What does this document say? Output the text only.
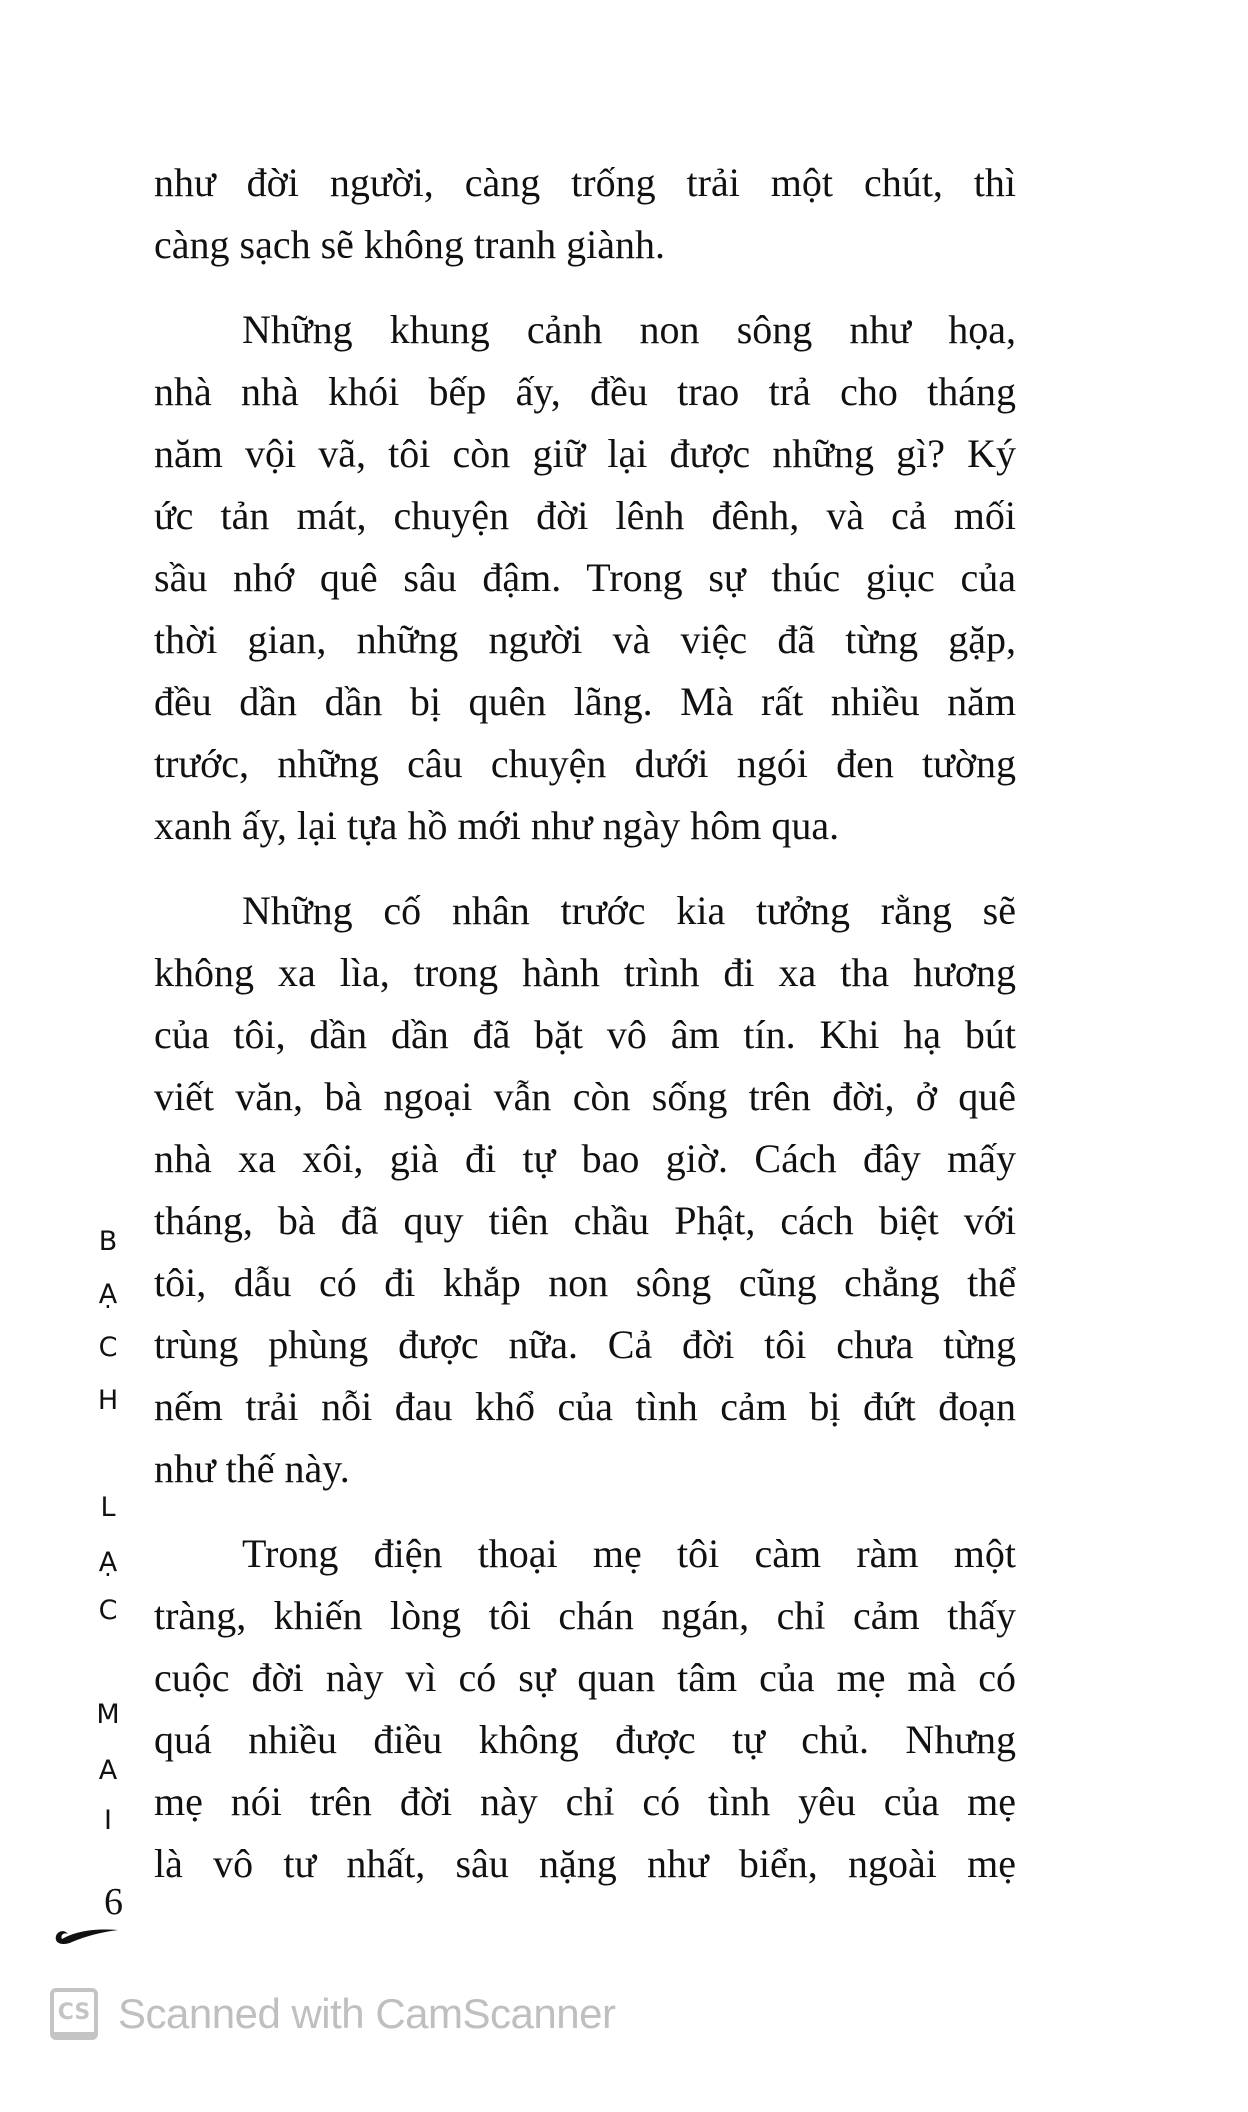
như đời người, càng trống trải một chút, thì
càng sạch sẽ không tranh giành.
Những khung cảnh non sông như họa,
nhà nhà khói bếp ấy, đều trao trả cho tháng
năm vội vã, tôi còn giữ lại được những gì? Ký
ức tản mát, chuyện đời lênh đênh, và cả mối
sầu nhớ quê sâu đậm. Trong sự thúc giục của
thời gian, những người và việc đã từng gặp,
đều dần dần bị quên lãng. Mà rất nhiều năm
trước, những câu chuyện dưới ngói đen tường
xanh ấy, lại tựa hồ mới như ngày hôm qua.
Những cố nhân trước kia tưởng rằng sẽ
không xa lìa, trong hành trình đi xa tha hương
của tôi, dần dần đã bặt vô âm tín. Khi hạ bút
viết văn, bà ngoại vẫn còn sống trên đời, ở quê
nhà xa xôi, già đi tự bao giờ. Cách đây mấy
tháng, bà đã quy tiên chầu Phật, cách biệt với
tôi, dẫu có đi khắp non sông cũng chẳng thể
trùng phùng được nữa. Cả đời tôi chưa từng
nếm trải nỗi đau khổ của tình cảm bị đứt đoạn
như thế này.
Trong điện thoại mẹ tôi càm ràm một
tràng, khiến lòng tôi chán ngán, chỉ cảm thấy
cuộc đời này vì có sự quan tâm của mẹ mà có
quá nhiều điều không được tự chủ. Nhưng
mẹ nói trên đời này chỉ có tình yêu của mẹ
là vô tư nhất, sâu nặng như biển, ngoài mẹ
B
Ạ
C
H
L
Ạ
C
M
A
I
6
CS Scanned with CamScanner
